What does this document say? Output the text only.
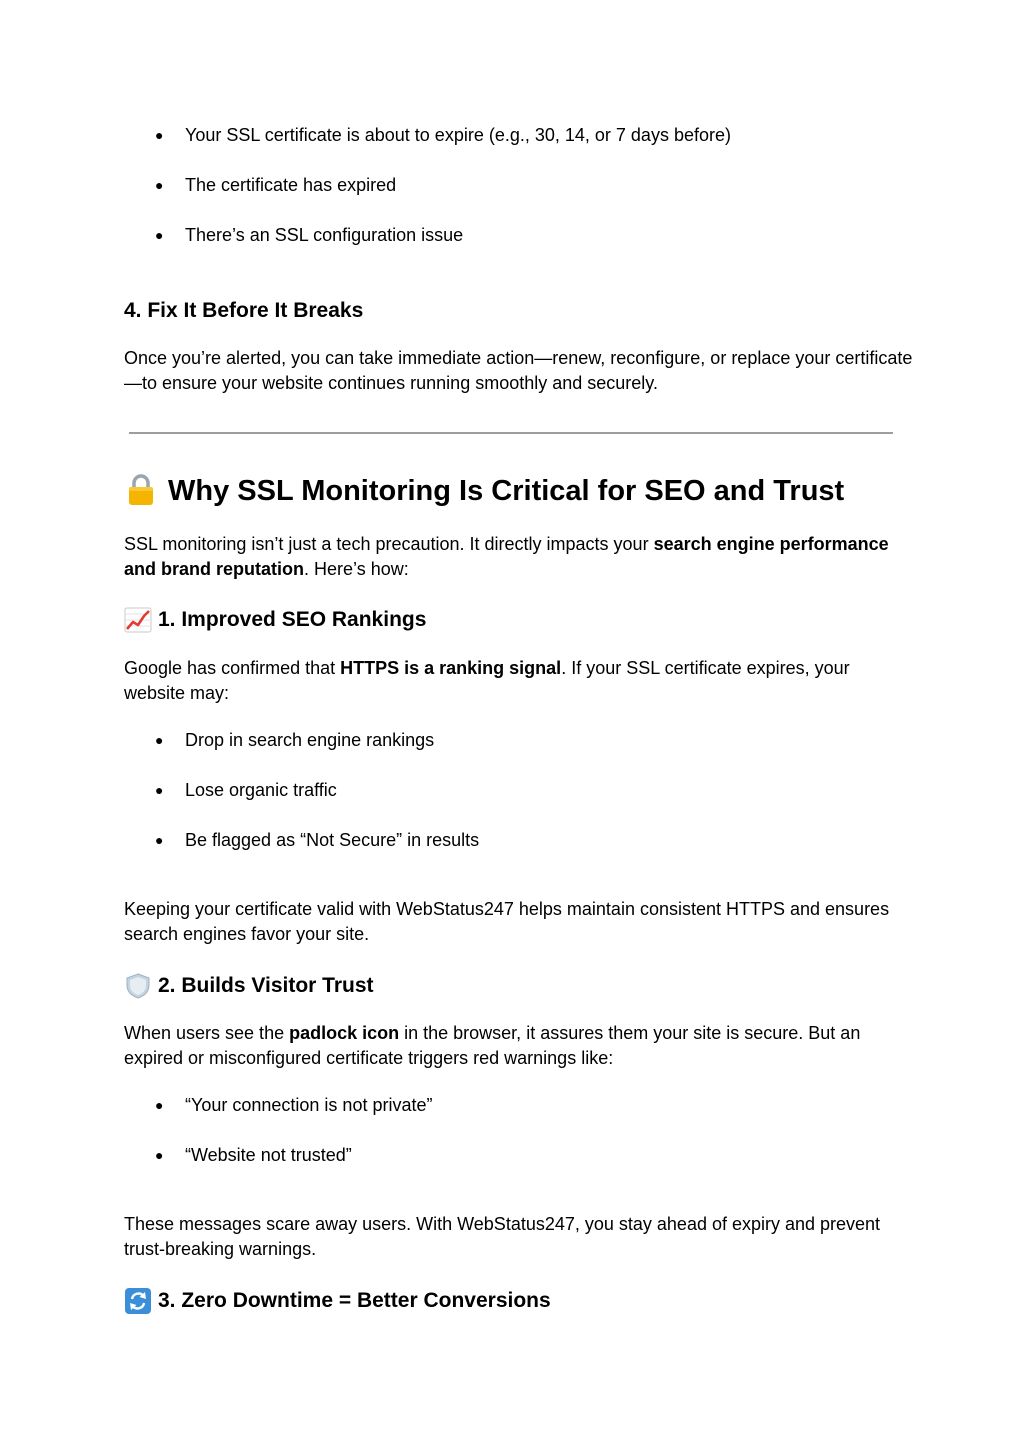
● Your SSL certificate is about to expire (e.g., 30, 14, or 7 days before)
● The certificate has expired
● There’s an SSL configuration issue
4. Fix It Before It Breaks
Once you’re alerted, you can take immediate action—renew, reconfigure, or replace your certificate—to ensure your website continues running smoothly and securely.
Why SSL Monitoring Is Critical for SEO and Trust
SSL monitoring isn’t just a tech precaution. It directly impacts your search engine performance and brand reputation. Here’s how:
1. Improved SEO Rankings
Google has confirmed that HTTPS is a ranking signal. If your SSL certificate expires, your website may:
● Drop in search engine rankings
● Lose organic traffic
● Be flagged as “Not Secure” in results
Keeping your certificate valid with WebStatus247 helps maintain consistent HTTPS and ensures search engines favor your site.
2. Builds Visitor Trust
When users see the padlock icon in the browser, it assures them your site is secure. But an expired or misconfigured certificate triggers red warnings like:
● “Your connection is not private”
● “Website not trusted”
These messages scare away users. With WebStatus247, you stay ahead of expiry and prevent trust-breaking warnings.
3. Zero Downtime = Better Conversions
